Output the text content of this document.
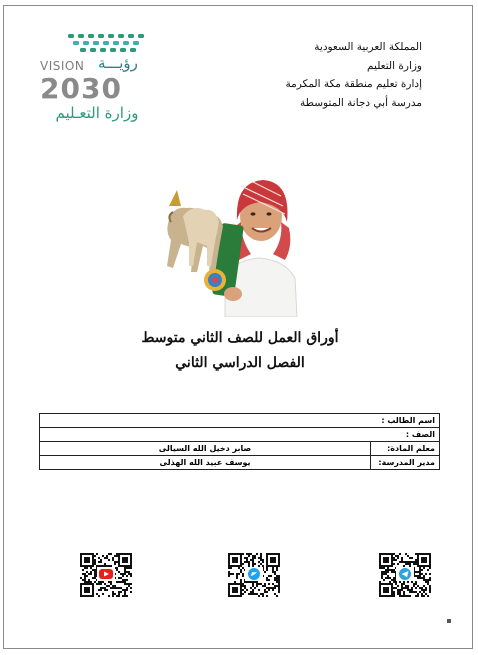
المملكة العربية السعودية
وزارة التعليم
إدارة تعليم منطقة مكة المكرمة
مدرسة أبي دجانة المتوسطة
VISION رؤيـــة
2030
وزارة التعـليم
أوراق العمل للصف الثاني متوسط
الفصل الدراسي الثاني
اسم الطالب :	
الصف :	
معلم المادة:	صابر دخيل الله السيالى
مدير المدرسة:	يوسف عبيد الله الهذلى
